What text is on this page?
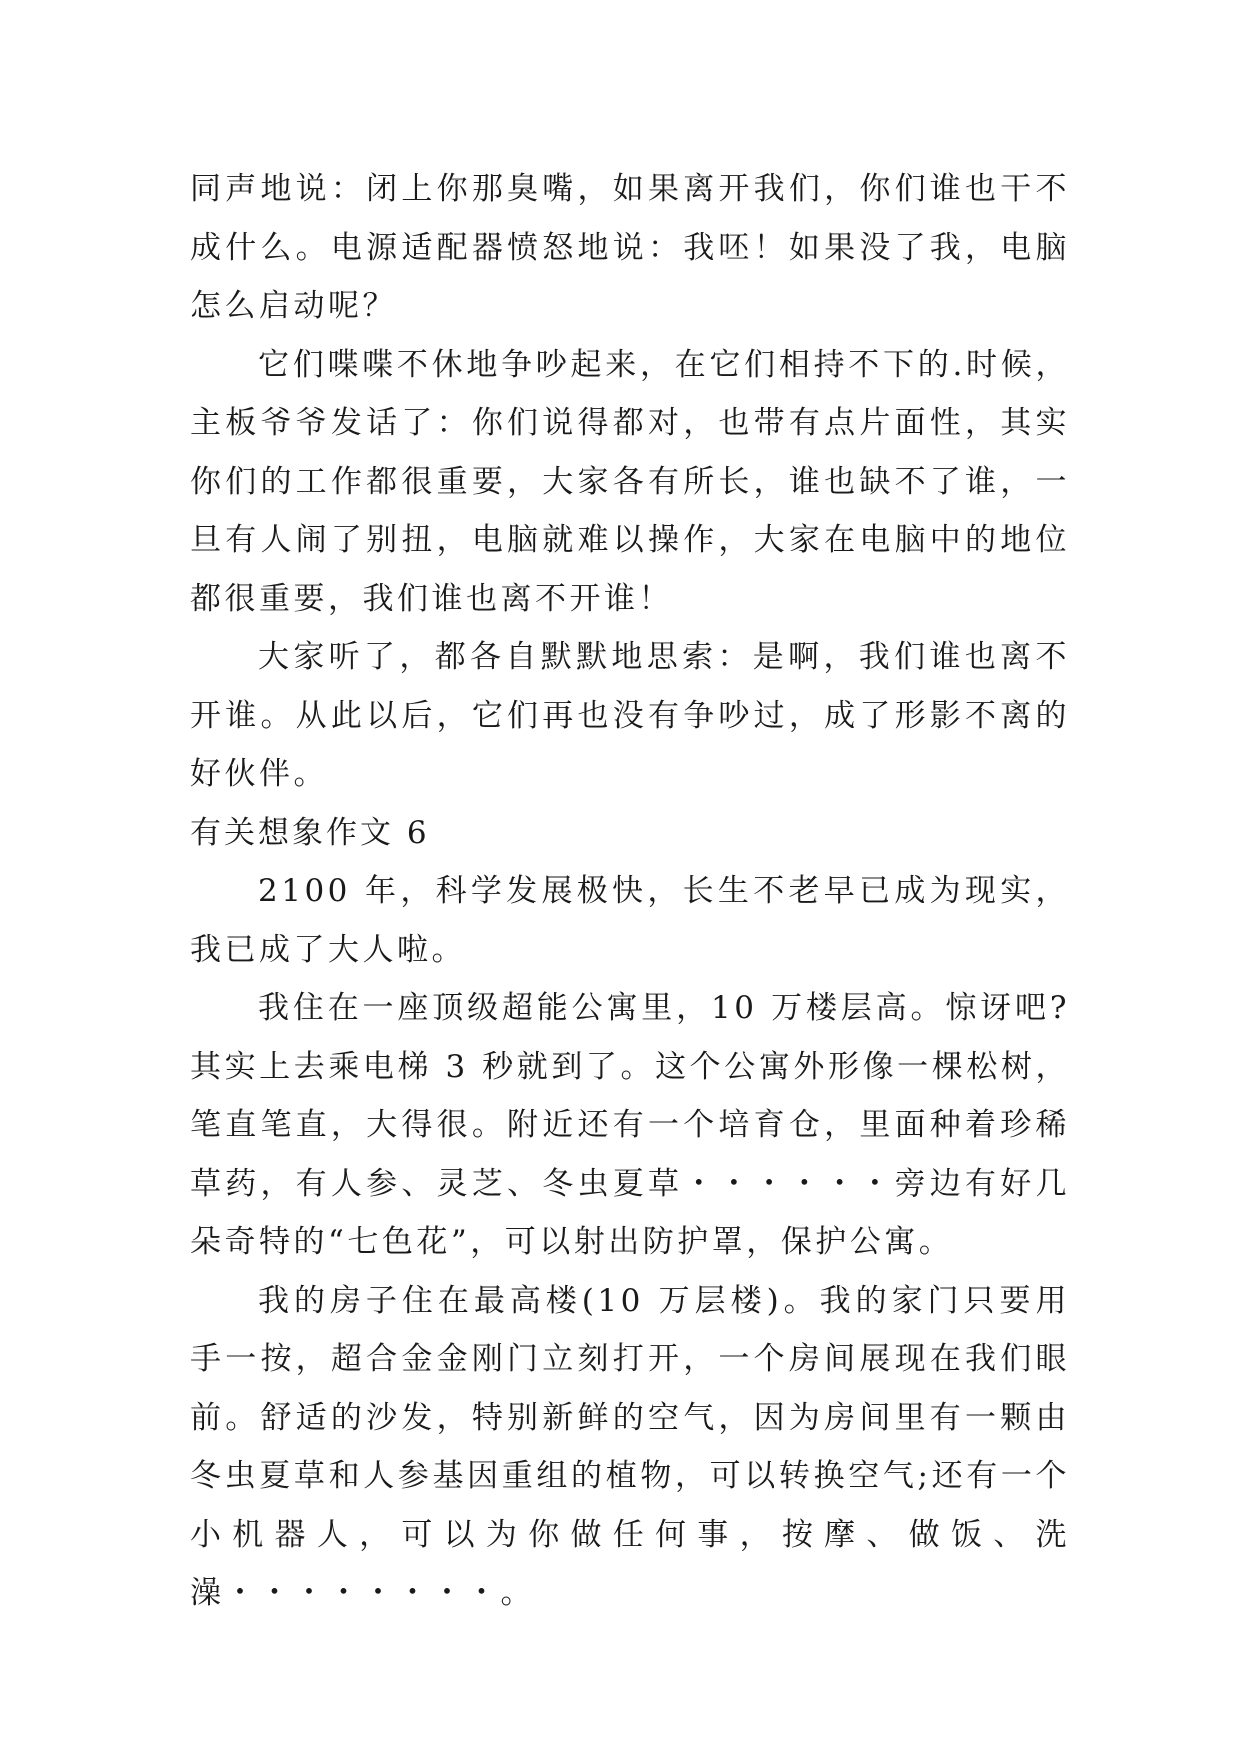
同声地说：闭上你那臭嘴，如果离开我们，你们谁也干不成什么。电源适配器愤怒地说：我呸！如果没了我，电脑怎么启动呢？

它们喋喋不休地争吵起来，在它们相持不下的.时候，主板爷爷发话了：你们说得都对，也带有点片面性，其实你们的工作都很重要，大家各有所长，谁也缺不了谁，一旦有人闹了别扭，电脑就难以操作，大家在电脑中的地位都很重要，我们谁也离不开谁！

大家听了，都各自默默地思索：是啊，我们谁也离不开谁。从此以后，它们再也没有争吵过，成了形影不离的好伙伴。

有关想象作文 6

2100 年，科学发展极快，长生不老早已成为现实，我已成了大人啦。

我住在一座顶级超能公寓里，10 万楼层高。惊讶吧?其实上去乘电梯 3 秒就到了。这个公寓外形像一棵松树，笔直笔直，大得很。附近还有一个培育仓，里面种着珍稀草药，有人参、灵芝、冬虫夏草・・・・・・旁边有好几朵奇特的“七色花”，可以射出防护罩，保护公寓。

我的房子住在最高楼(10 万层楼)。我的家门只要用手一按，超合金金刚门立刻打开，一个房间展现在我们眼前。舒适的沙发，特别新鲜的空气，因为房间里有一颗由冬虫夏草和人参基因重组的植物，可以转换空气;还有一个小机器人，可以为你做任何事，按摩、做饭、洗澡・・・・・・・・。
